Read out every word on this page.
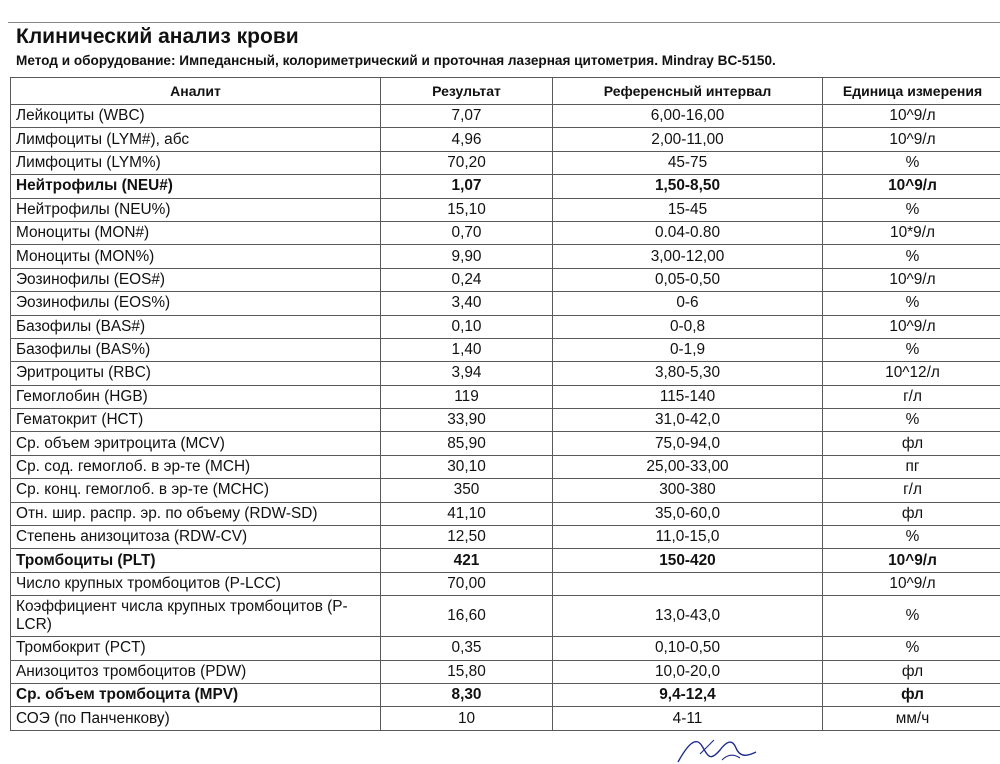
Клинический анализ крови
Метод и оборудование: Импедансный, колориметрический и проточная лазерная цитометрия. Mindray BC-5150.
Аналит	Результат	Референсный интервал	Единица измерения
Лейкоциты (WBC)	7,07	6,00-16,00	10^9/л
Лимфоциты (LYM#), абс	4,96	2,00-11,00	10^9/л
Лимфоциты (LYM%)	70,20	45-75	%
Нейтрофилы (NEU#)	1,07	1,50-8,50	10^9/л
Нейтрофилы (NEU%)	15,10	15-45	%
Моноциты (MON#)	0,70	0.04-0.80	10*9/л
Моноциты (MON%)	9,90	3,00-12,00	%
Эозинофилы (EOS#)	0,24	0,05-0,50	10^9/л
Эозинофилы (EOS%)	3,40	0-6	%
Базофилы (BAS#)	0,10	0-0,8	10^9/л
Базофилы (BAS%)	1,40	0-1,9	%
Эритроциты (RBC)	3,94	3,80-5,30	10^12/л
Гемоглобин (HGB)	119	115-140	г/л
Гематокрит (HCT)	33,90	31,0-42,0	%
Ср. объем эритроцита (MCV)	85,90	75,0-94,0	фл
Ср. сод. гемоглоб. в эр-те (MCH)	30,10	25,00-33,00	пг
Ср. конц. гемоглоб. в эр-те (MCHC)	350	300-380	г/л
Отн. шир. распр. эр. по объему (RDW-SD)	41,10	35,0-60,0	фл
Степень анизоцитоза (RDW-CV)	12,50	11,0-15,0	%
Тромбоциты (PLT)	421	150-420	10^9/л
Число крупных тромбоцитов (P-LCC)	70,00		10^9/л
Коэффициент числа крупных тромбоцитов (P-LCR)	16,60	13,0-43,0	%
Тромбокрит (PCT)	0,35	0,10-0,50	%
Анизоцитоз тромбоцитов (PDW)	15,80	10,0-20,0	фл
Ср. объем тромбоцита (MPV)	8,30	9,4-12,4	фл
СОЭ (по Панченкову)	10	4-11	мм/ч
